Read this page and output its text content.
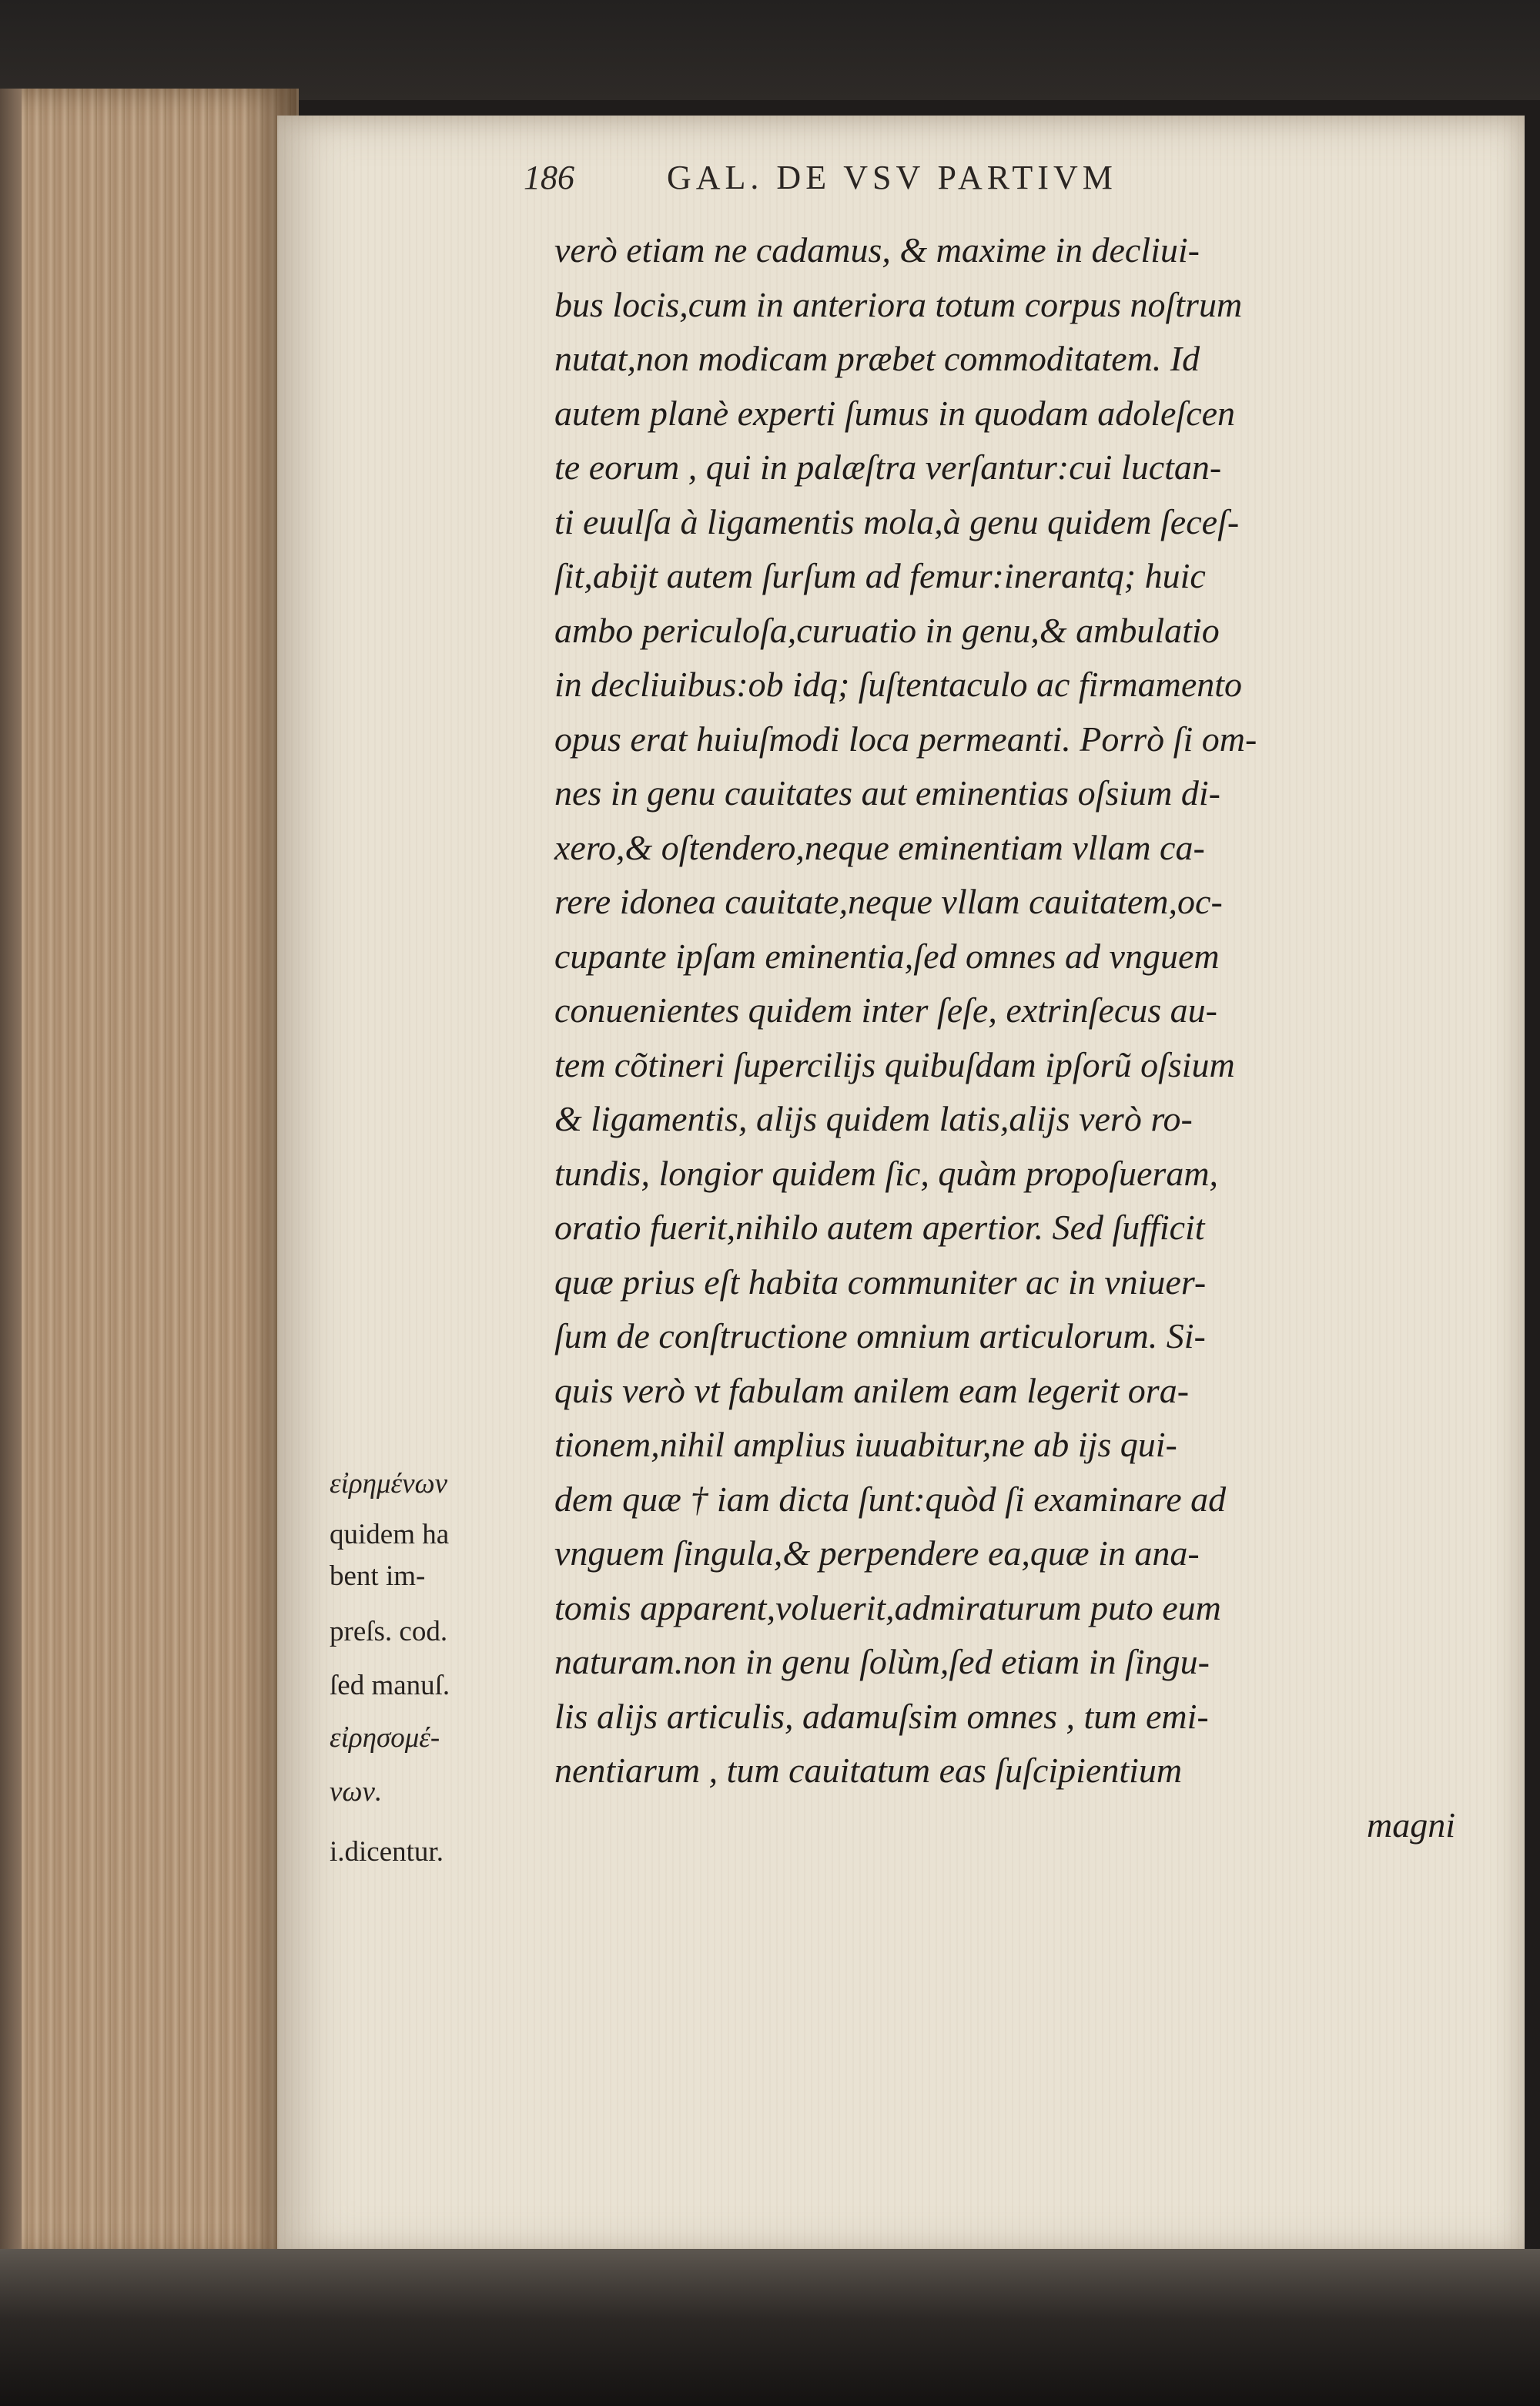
186	GAL. DE VSV PARTIVM
verò etiam ne cadamus, & maxime in decliui-
bus locis,cum in anteriora totum corpus noſtrum
nutat,non modicam præbet commoditatem. Id
autem planè experti ſumus in quodam adoleſcen
te eorum , qui in palæſtra verſantur:cui luctan-
ti euulſa à ligamentis mola,à genu quidem ſeceſ-
ſit,abijt autem ſurſum ad femur:inerantq; huic
ambo periculoſa,curuatio in genu,& ambulatio
in decliuibus:ob idq; ſuſtentaculo ac firmamento
opus erat huiuſmodi loca permeanti. Porrò ſi om-
nes in genu cauitates aut eminentias oſsium di-
xero,& oſtendero,neque eminentiam vllam ca-
rere idonea cauitate,neque vllam cauitatem,oc-
cupante ipſam eminentia,ſed omnes ad vnguem
conuenientes quidem inter ſeſe, extrinſecus au-
tem cõtineri ſupercilijs quibuſdam ipſorũ oſsium
& ligamentis, alijs quidem latis,alijs verò ro-
tundis, longior quidem ſic, quàm propoſueram,
oratio fuerit,nihilo autem apertior. Sed ſufficit
quæ prius eſt habita communiter ac in vniuer-
ſum de conſtructione omnium articulorum. Si-
quis verò vt fabulam anilem eam legerit ora-
tionem,nihil amplius iuuabitur,ne ab ijs qui-
dem quæ † iam dicta ſunt:quòd ſi examinare ad
vnguem ſingula,& perpendere ea,quæ in ana-
tomis apparent,voluerit,admiraturum puto eum
naturam.non in genu ſolùm,ſed etiam in ſingu-
lis alijs articulis, adamuſsim omnes , tum emi-
nentiarum , tum cauitatum eas ſuſcipientium
magni
εἰρημένων
quidem ha
bent im-
preſs. cod.
ſed manuſ.
εἰρησομέ-
νων.
i.dicentur.
